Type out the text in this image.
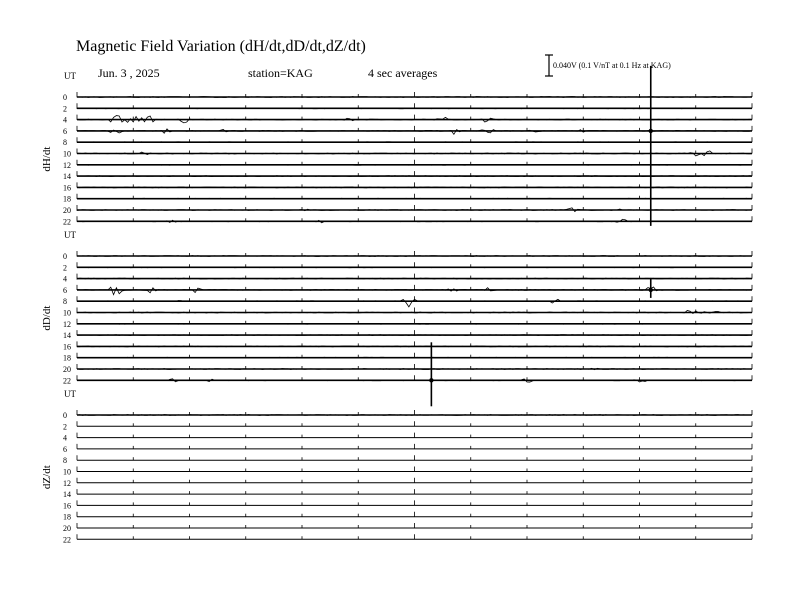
Magnetic Field Variation (dH/dt,dD/dt,dZ/dt)
Jun. 3 , 2025	station=KAG	4 sec averages
0.040V (0.1 V/nT at 0.1 Hz at KAG)
UT
dH/dt
0
2
4
6
8
10
12
14
16
18
20
22
UT
dD/dt
0
2
4
6
8
10
12
14
16
18
20
22
UT
dZ/dt
0
2
4
6
8
10
12
14
16
18
20
22
